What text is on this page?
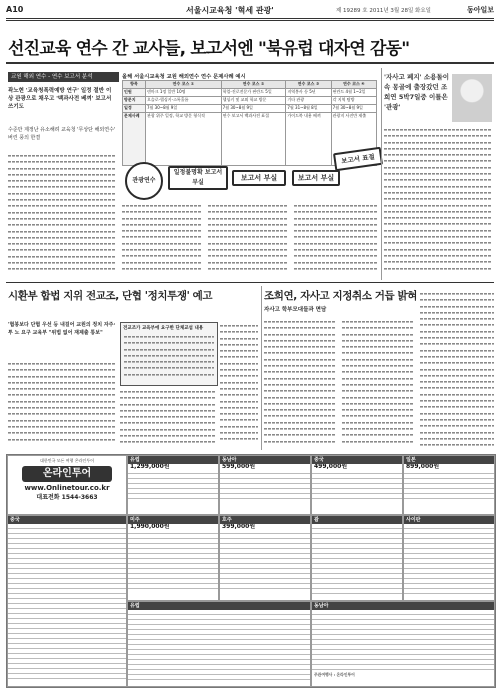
A10	서울시교육청 '혁세 관광'	제 19289 호 2011년 3월 28일 화요일	동아일보
선진교육 연수 간 교사들, 보고서엔 "북유럽 대자연 감동"
교원 해외 연수 - 연수 보고서 분석
곽노현 '교육청폭력예방 연구' 일정 절반 이상 관광으로 채우고 '백과사전 베껴' 보고서 쓰기도
수준만 제정난 유소해려 교육청 '무상단 해외연수' 버린 풍의 한결
올해 서울시교육청 교원 해외연수 연수 문제사례 예시
항목	연수 코스 ①	연수 코스 ②	연수 코스 ③	연수 코스 ④
인원	덴마크 1정 일반 10명	학업-진로전문가 핀란드 5일	지역봉사 등 5년	핀란드 4월 1~2일
방문지	오슬로-헬싱키-스톡홀름	헬싱키 및 교외 학교 방문	기타 관광	각 지역 탐방
일정	7월 30~8월 9일	7월 30~8월 9일	7월 31~8월 8일	7월 30~8월 9일
문제사례	관광 위주 일정, 학교 방문 형식적	연수 보고서 백과사전 표절	가이드북 내용 베껴	관광지 사진만 제출
관광연수
일정불명확 보고서 부실
보고서 부실	보고서 부실
보고서 표절
'자사고 폐지' 소용돌이속 몽골에 출장갔던 조희연 5박7일중 이틀은 '관광'
시환부 합법 지위 전교조, 단협 '정치투쟁' 예고
'협봉보다 단협 우선 등 내걸어 교원의 정치 자주·투 노 요구 교육부 "위법 없어 재제출 통보"
전교조가 교육부에 요구한 단체교섭 내용
조희연, 자사고 지정취소 거듭 밝혀
자사고 학부모대들과 면담
대한민국 모든 여행 온라인투어
온라인투어
www.Onlinetour.co.kr
대표전화 1544-3663
유럽
1,299,000원
동남아
599,000원
중국
499,000원
일본
899,000원
중국	미주
1,990,000원
호주
399,000원
괌	사이판
유럽	동남아
주관여행사 : 온라인투어
